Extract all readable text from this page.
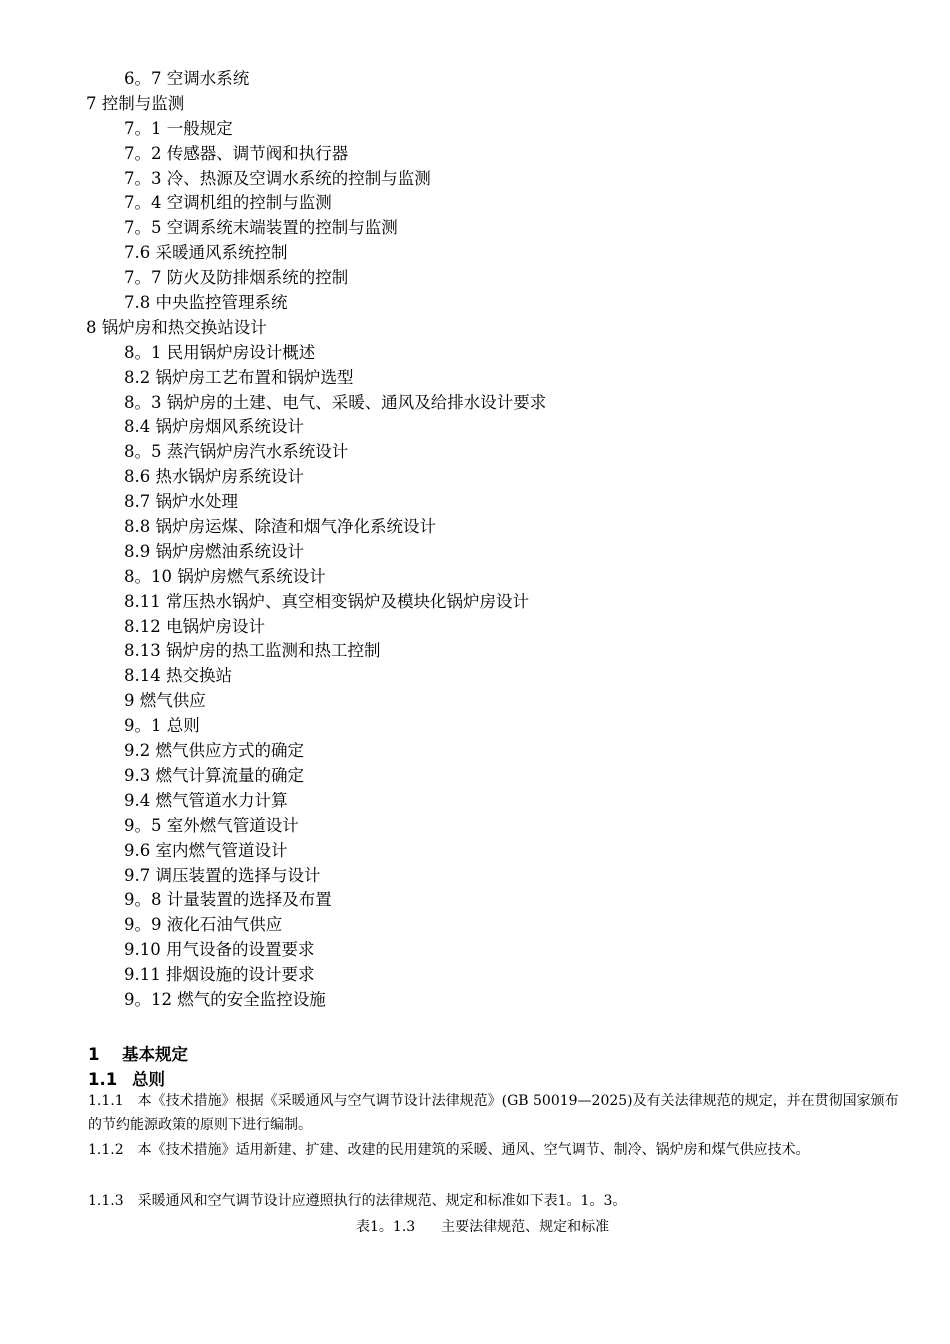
6。7 空调水系统
7 控制与监测
7。1 一般规定
7。2 传感器、调节阀和执行器
7。3 冷、热源及空调水系统的控制与监测
7。4 空调机组的控制与监测
7。5 空调系统末端装置的控制与监测
7.6 采暖通风系统控制
7。7 防火及防排烟系统的控制
7.8 中央监控管理系统
8 锅炉房和热交换站设计
8。1 民用锅炉房设计概述
8.2 锅炉房工艺布置和锅炉选型
8。3 锅炉房的土建、电气、采暖、通风及给排水设计要求
8.4 锅炉房烟风系统设计
8。5 蒸汽锅炉房汽水系统设计
8.6 热水锅炉房系统设计
8.7 锅炉水处理
8.8 锅炉房运煤、除渣和烟气净化系统设计
8.9 锅炉房燃油系统设计
8。10 锅炉房燃气系统设计
8.11 常压热水锅炉、真空相变锅炉及模块化锅炉房设计
8.12 电锅炉房设计
8.13 锅炉房的热工监测和热工控制
8.14 热交换站
9 燃气供应
9。1 总则
9.2 燃气供应方式的确定
9.3 燃气计算流量的确定
9.4 燃气管道水力计算
9。5 室外燃气管道设计
9.6 室内燃气管道设计
9.7 调压装置的选择与设计
9。8 计量装置的选择及布置
9。9 液化石油气供应
9.10 用气设备的设置要求
9.11 排烟设施的设计要求
9。12 燃气的安全监控设施
1 基本规定
1.1 总则
1.1.1 本《技术措施》根据《采暖通风与空气调节设计法律规范》(GB 50019—2025)及有关法律规范的规定，并在贯彻国家颁布的节约能源政策的原则下进行编制。
1.1.2 本《技术措施》适用新建、扩建、改建的民用建筑的采暖、通风、空气调节、制冷、锅炉房和煤气供应技术。
1.1.3 采暖通风和空气调节设计应遵照执行的法律规范、规定和标准如下表1。1。3。
表1。1.3 主要法律规范、规定和标准
